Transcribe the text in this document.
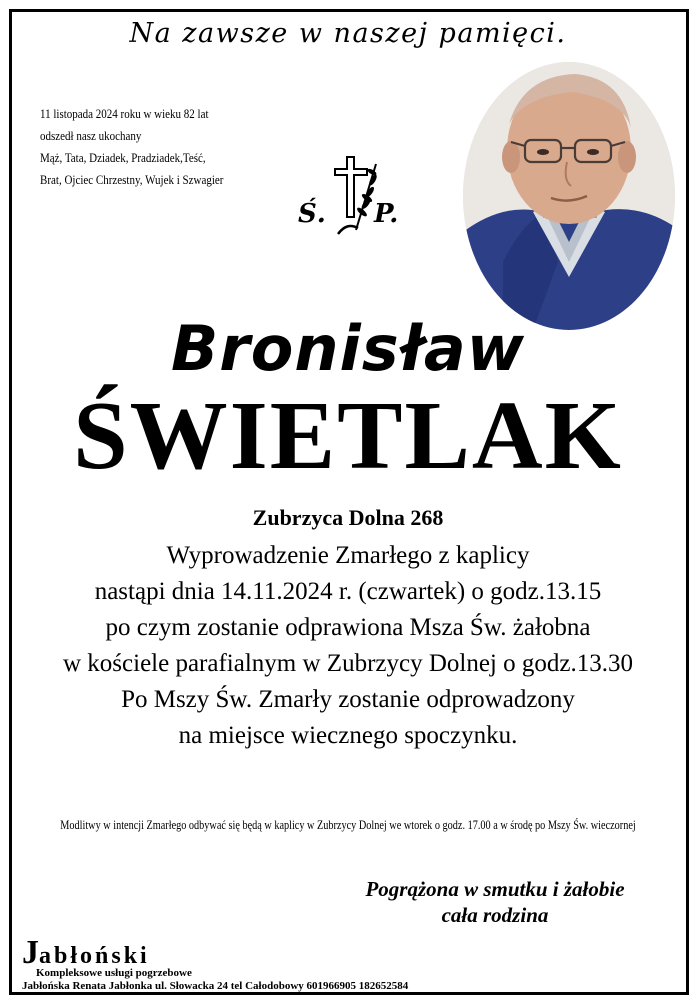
Na zawsze w naszej pamięci.
11 listopada 2024 roku w wieku 82 lat
odszedł nasz ukochany
Mąż, Tata, Dziadek, Pradziadek,Teść,
Brat, Ojciec Chrzestny, Wujek i Szwagier
Ś. P.
Bronisław
ŚWIETLAK
Zubrzyca Dolna 268
Wyprowadzenie Zmarłego z kaplicy
nastąpi dnia 14.11.2024 r. (czwartek) o godz.13.15
po czym zostanie odprawiona Msza Św. żałobna
w kościele parafialnym w Zubrzycy Dolnej o godz.13.30
Po Mszy Św. Zmarły zostanie odprowadzony
na miejsce wiecznego spoczynku.
Modlitwy w intencji Zmarłego odbywać się będą w kaplicy w Zubrzycy Dolnej we wtorek o godz. 17.00 a w środę po Mszy Św. wieczornej
Pogrążona w smutku i żałobie
cała rodzina
Jabłoński
Kompleksowe usługi pogrzebowe
Jabłońska Renata Jabłonka ul. Słowacka 24 tel Całodobowy 601966905 182652584
